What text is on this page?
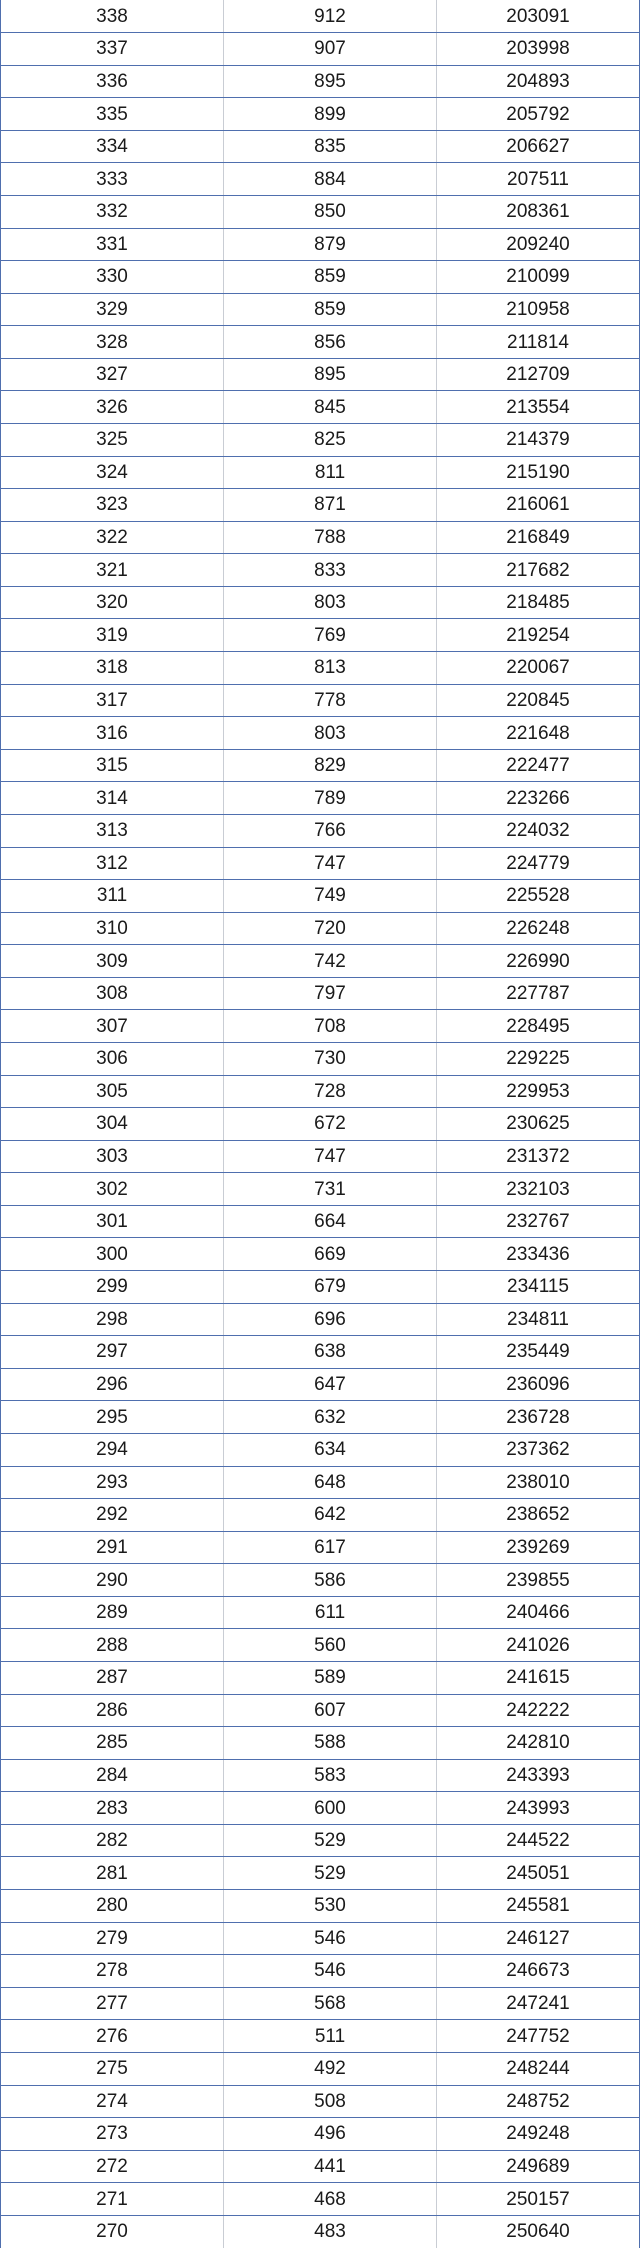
338	912	203091
337	907	203998
336	895	204893
335	899	205792
334	835	206627
333	884	207511
332	850	208361
331	879	209240
330	859	210099
329	859	210958
328	856	211814
327	895	212709
326	845	213554
325	825	214379
324	811	215190
323	871	216061
322	788	216849
321	833	217682
320	803	218485
319	769	219254
318	813	220067
317	778	220845
316	803	221648
315	829	222477
314	789	223266
313	766	224032
312	747	224779
311	749	225528
310	720	226248
309	742	226990
308	797	227787
307	708	228495
306	730	229225
305	728	229953
304	672	230625
303	747	231372
302	731	232103
301	664	232767
300	669	233436
299	679	234115
298	696	234811
297	638	235449
296	647	236096
295	632	236728
294	634	237362
293	648	238010
292	642	238652
291	617	239269
290	586	239855
289	611	240466
288	560	241026
287	589	241615
286	607	242222
285	588	242810
284	583	243393
283	600	243993
282	529	244522
281	529	245051
280	530	245581
279	546	246127
278	546	246673
277	568	247241
276	511	247752
275	492	248244
274	508	248752
273	496	249248
272	441	249689
271	468	250157
270	483	250640
